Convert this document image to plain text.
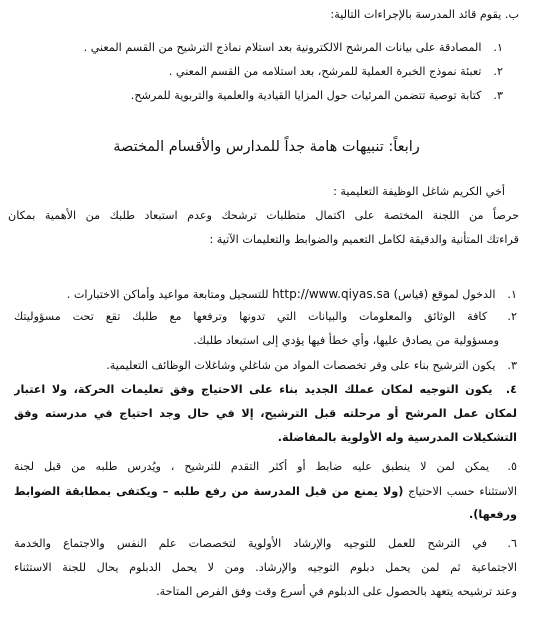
ب. يقوم قائد المدرسة بالإجراءات التالية:
١. المصادقة على بيانات المرشح الالكترونية بعد استلام نماذج الترشيح من القسم المعني .
٢. تعبئة نموذج الخبرة العملية للمرشح، بعد استلامه من القسم المعني .
٣. كتابة توصية تتضمن المرئيات حول المزايا القيادية والعلمية والتربوية للمرشح.
رابعاً: تنبيهات هامة جداً للمدارس والأقسام المختصة
أخي الكريم شاغل الوظيفة التعليمية :
حرصاً من اللجنة المختصة على اكتمال متطلبات ترشحك وعدم استبعاد طلبك من الأهمية بمكان
قراءتك المتأنية والدقيقة لكامل التعميم والضوابط والتعليمات الآتية :
١. الدخول لموقع (قياس) http://www.qiyas.sa للتسجيل ومتابعة مواعيد وأماكن الاختبارات .
٢. كافة الوثائق والمعلومات والبيانات التي تدونها وترفعها مع طلبك تقع تحت مسؤوليتك
ومسؤولية من يصادق عليها، وأي خطأ فيها يؤدي إلى استبعاد طلبك.
٣. يكون الترشيح بناء على وفر تخصصات المواد من شاغلي وشاغلات الوظائف التعليمية.
٤. يكون التوجيه لمكان عملك الجديد بناء على الاحتياج وفق تعليمات الحركة، ولا اعتبار
لمكان عمل المرشح أو مرحلته قبل الترشيح، إلا في حال وجد احتياج في مدرسته وفق
التشكيلات المدرسية وله الأولوية بالمفاضلة.
٥. يمكن لمن لا ينطبق عليه ضابط أو أكثر التقدم للترشيح ، ويُدرس طلبه من قبل لجنة
الاستثناء حسب الاحتياج (ولا يمنع من قبل المدرسة من رفع طلبه – ويكتفى بمطابقة الضوابط
ورفعها).
٦. في الترشح للعمل للتوجيه والإرشاد الأولوية لتخصصات علم النفس والاجتماع والخدمة
الاجتماعية ثم لمن يحمل دبلوم التوجيه والإرشاد. ومن لا يحمل الدبلوم يحال للجنة الاستثناء
وعند ترشيحه يتعهد بالحصول على الدبلوم في أسرع وقت وفق الفرص المتاحة.
